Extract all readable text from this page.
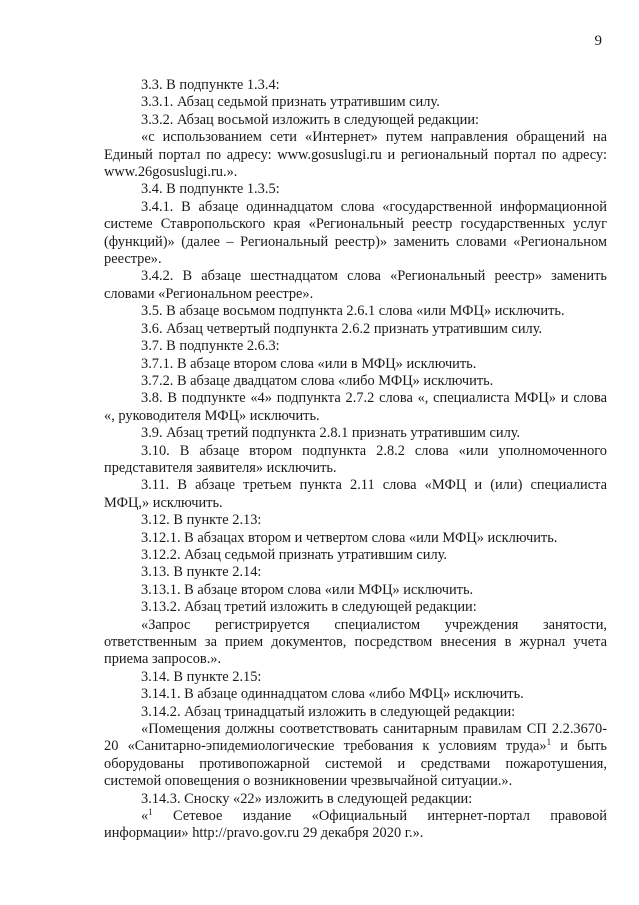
9

3.3. В подпункте 1.3.4:

3.3.1. Абзац седьмой признать утратившим силу.

3.3.2. Абзац восьмой изложить в следующей редакции:

«с использованием сети «Интернет» путем направления обращений на Единый портал по адресу: www.gosuslugi.ru и региональный портал по адресу: www.26gosuslugi.ru.».

3.4. В подпункте 1.3.5:

3.4.1. В абзаце одиннадцатом слова «государственной информационной системе Ставропольского края «Региональный реестр государственных услуг (функций)» (далее – Региональный реестр)» заменить словами «Региональном реестре».

3.4.2. В абзаце шестнадцатом слова «Региональный реестр» заменить словами «Региональном реестре».

3.5. В абзаце восьмом подпункта 2.6.1 слова «или МФЦ» исключить.

3.6. Абзац четвертый подпункта 2.6.2 признать утратившим силу.

3.7. В подпункте 2.6.3:

3.7.1. В абзаце втором слова «или в МФЦ» исключить.

3.7.2. В абзаце двадцатом слова «либо МФЦ» исключить.

3.8. В подпункте «4» подпункта 2.7.2 слова «, специалиста МФЦ» и слова «, руководителя МФЦ» исключить.

3.9. Абзац третий подпункта 2.8.1 признать утратившим силу.

3.10. В абзаце втором подпункта 2.8.2 слова «или уполномоченного представителя заявителя» исключить.

3.11. В абзаце третьем пункта 2.11 слова «МФЦ и (или) специалиста МФЦ,» исключить.

3.12. В пункте 2.13:

3.12.1. В абзацах втором и четвертом слова «или МФЦ» исключить.

3.12.2. Абзац седьмой признать утратившим силу.

3.13. В пункте 2.14:

3.13.1. В абзаце втором слова «или МФЦ» исключить.

3.13.2. Абзац третий изложить в следующей редакции:

«Запрос регистрируется специалистом учреждения занятости, ответственным за прием документов, посредством внесения в журнал учета приема запросов.».

3.14. В пункте 2.15:

3.14.1. В абзаце одиннадцатом слова «либо МФЦ» исключить.

3.14.2. Абзац тринадцатый изложить в следующей редакции:

«Помещения должны соответствовать санитарным правилам СП 2.2.3670-20 «Санитарно-эпидемиологические требования к условиям труда»$^1$ и быть оборудованы противопожарной системой и средствами пожаротушения, системой оповещения о возникновении чрезвычайной ситуации.».

3.14.3. Сноску «22» изложить в следующей редакции:

«$^1$ Сетевое издание «Официальный интернет-портал правовой информации» http://pravo.gov.ru 29 декабря 2020 г.».
